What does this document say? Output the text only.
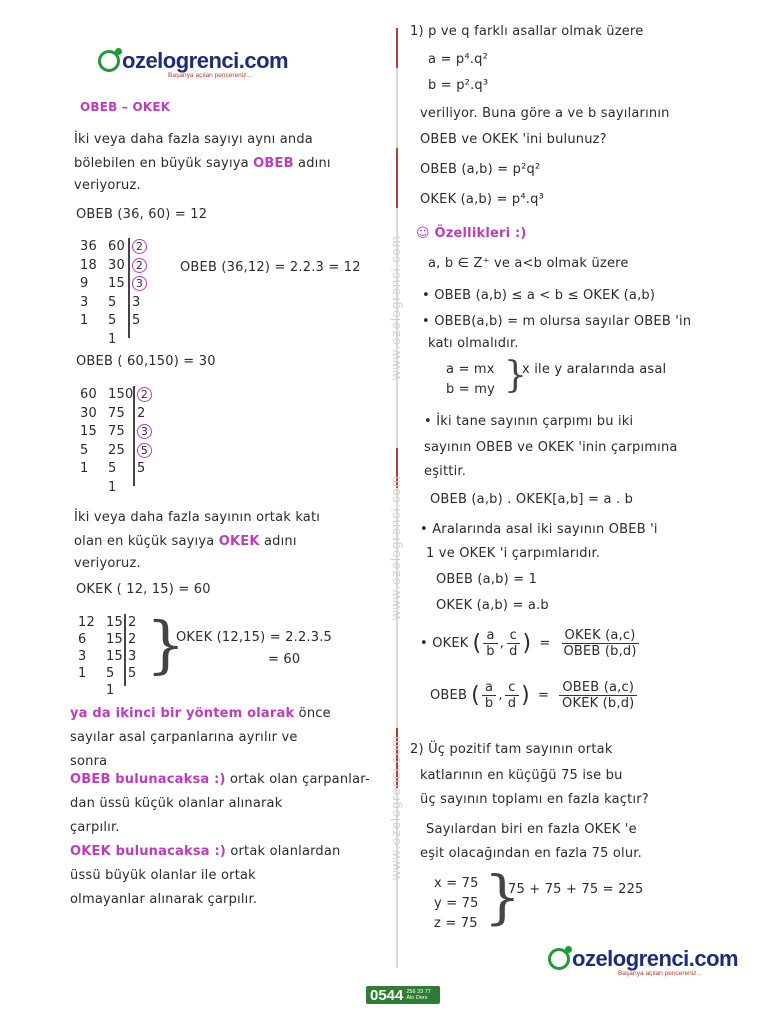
ozelogrenci.com
Başarıya açılan pencereniz...
www.ozelogrenci.com
www.ozelogrenci.com
www.ozelogrenci.com
OBEB – OKEK
İki veya daha fazla sayıyı aynı anda
bölebilen en büyük sayıya OBEB adını
veriyoruz.
OBEB (36, 60) = 12
36
18
9
3
1
60
30
15
5
5
1
2
2
3
3
5
OBEB (36,12) = 2.2.3 = 12
OBEB ( 60,150) = 30
60
30
15
5
1
150
75
75
25
5
1
2
2
3
5
5
İki veya daha fazla sayının ortak katı
olan en küçük sayıya OKEK adını
veriyoruz.
OKEK ( 12, 15) = 60
12
6
3
1
15
15
15
5
1
2
2
3
5 }
OKEK (12,15) = 2.2.3.5
= 60
ya da ikinci bir yöntem olarak önce
sayılar asal çarpanlarına ayrılır ve
sonra
OBEB bulunacaksa :) ortak olan çarpanlar-
dan üssü küçük olanlar alınarak
çarpılır.
OKEK bulunacaksa :) ortak olanlardan
üssü büyük olanlar ile ortak
olmayanlar alınarak çarpılır.
1) p ve q farklı asallar olmak üzere
a = p⁴.q²
b = p².q³
veriliyor. Buna göre a ve b sayılarının
OBEB ve OKEK 'ini bulunuz?
OBEB (a,b) = p²q²
OKEK (a,b) = p⁴.q³
☺ Özellikleri :)
a, b ∈ Z⁺ ve a<b olmak üzere
• OBEB (a,b) ≤ a < b ≤ OKEK (a,b)
• OBEB(a,b) = m olursa sayılar OBEB 'in
katı olmalıdır.
a = mx
b = my }
x ile y aralarında asal
• İki tane sayının çarpımı bu iki
sayının OBEB ve OKEK 'inin çarpımına
eşittir.
OBEB (a,b) . OKEK[a,b] = a . b
• Aralarında asal iki sayının OBEB 'i
1 ve OKEK 'i çarpımlarıdır.
OBEB (a,b) = 1
OKEK (a,b) = a.b
• OKEK ( $\frac{a}{b}$ , $\frac{c}{d}$ ) = $\frac{\text{OKEK (a,c)}}{\text{OBEB (b,d)}}$
OBEB ( $\frac{a}{b}$ , $\frac{c}{d}$ ) = $\frac{\text{OBEB (a,c)}}{\text{OKEK (b,d)}}$
2) Üç pozitif tam sayının ortak
katlarının en küçüğü 75 ise bu
üç sayının toplamı en fazla kaçtır?
Sayılardan biri en fazla OKEK 'e
eşit olacağından en fazla 75 olur.
x = 75
y = 75
z = 75 }
75 + 75 + 75 = 225
ozelogrenci.com
Başarıya açılan pencereniz...
0544 256 33 77
Alo Ders
